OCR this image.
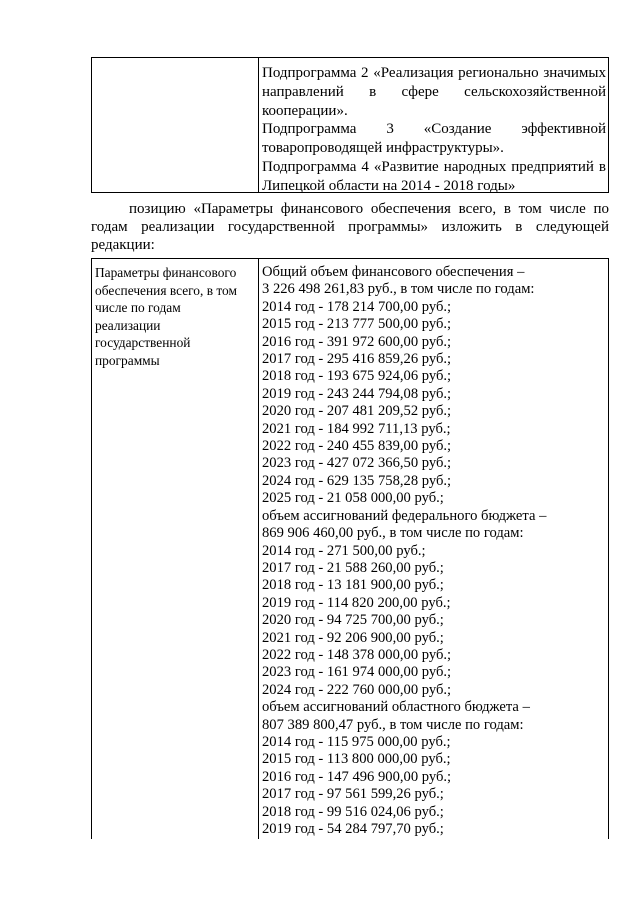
Подпрограмма 2 «Реализация регионально значимых
направлений в сфере сельскохозяйственной
кооперации».
Подпрограмма 3 «Создание эффективной
товаропроводящей инфраструктуры».
Подпрограмма 4 «Развитие народных предприятий в
Липецкой области на 2014 - 2018 годы»
позицию «Параметры финансового обеспечения всего, в том числе по
годам реализации государственной программы» изложить в следующей
редакции:
Параметры финансового
обеспечения всего, в том
числе по годам
реализации
государственной
программы
Общий объем финансового обеспечения –
3 226 498 261,83 руб., в том числе по годам:
2014 год - 178 214 700,00 руб.;
2015 год - 213 777 500,00 руб.;
2016 год - 391 972 600,00 руб.;
2017 год - 295 416 859,26 руб.;
2018 год - 193 675 924,06 руб.;
2019 год - 243 244 794,08 руб.;
2020 год - 207 481 209,52 руб.;
2021 год - 184 992 711,13 руб.;
2022 год - 240 455 839,00 руб.;
2023 год - 427 072 366,50 руб.;
2024 год - 629 135 758,28 руб.;
2025 год - 21 058 000,00 руб.;
объем ассигнований федерального бюджета –
869 906 460,00 руб., в том числе по годам:
2014 год - 271 500,00 руб.;
2017 год - 21 588 260,00 руб.;
2018 год - 13 181 900,00 руб.;
2019 год - 114 820 200,00 руб.;
2020 год - 94 725 700,00 руб.;
2021 год - 92 206 900,00 руб.;
2022 год - 148 378 000,00 руб.;
2023 год - 161 974 000,00 руб.;
2024 год - 222 760 000,00 руб.;
объем ассигнований областного бюджета –
807 389 800,47 руб., в том числе по годам:
2014 год - 115 975 000,00 руб.;
2015 год - 113 800 000,00 руб.;
2016 год - 147 496 900,00 руб.;
2017 год - 97 561 599,26 руб.;
2018 год - 99 516 024,06 руб.;
2019 год - 54 284 797,70 руб.;
